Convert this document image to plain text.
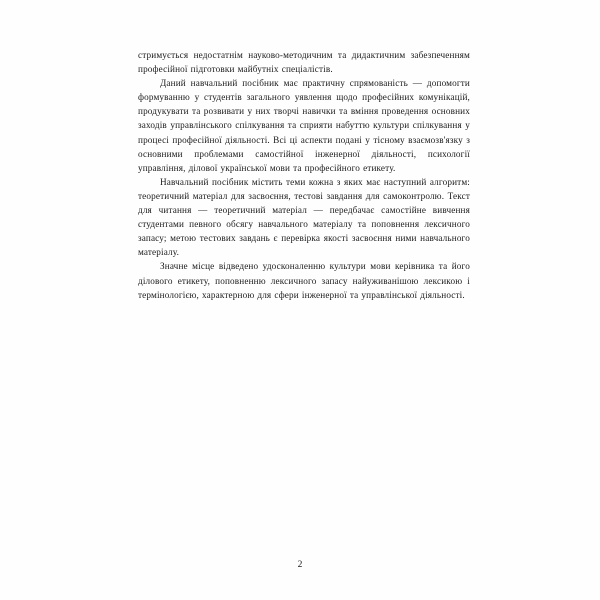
стримується недостатнім науково-методичним та дидактичним забезпеченням професійної підготовки майбутніх спеціалістів.

Даний навчальний посібник має практичну спрямованість — допомогти формуванню у студентів загального уявлення щодо професійних комунікацій, продукувати та розвивати у них творчі навички та вміння проведення основних заходів управлінського спілкування та сприяти набуттю культури спілкування у процесі професійної діяльності. Всі ці аспекти подані у тісному взаємозв'язку з основними проблемами самостійної інженерної діяльності, психології управління, ділової української мови та професійного етикету.

Навчальний посібник містить теми кожна з яких має наступний алгоритм: теоретичний матеріал для засвоєння, тестові завдання для самоконтролю. Текст для читання — теоретичний матеріал — передбачає самостійне вивчення студентами певного обсягу навчального матеріалу та поповнення лексичного запасу; метою тестових завдань є перевірка якості засвоєння ними навчального матеріалу.

Значне місце відведено удосконаленню культури мови керівника та його ділового етикету, поповненню лексичного запасу найуживанішою лексикою і термінологією, характерною для сфери інженерної та управлінської діяльності.

2
